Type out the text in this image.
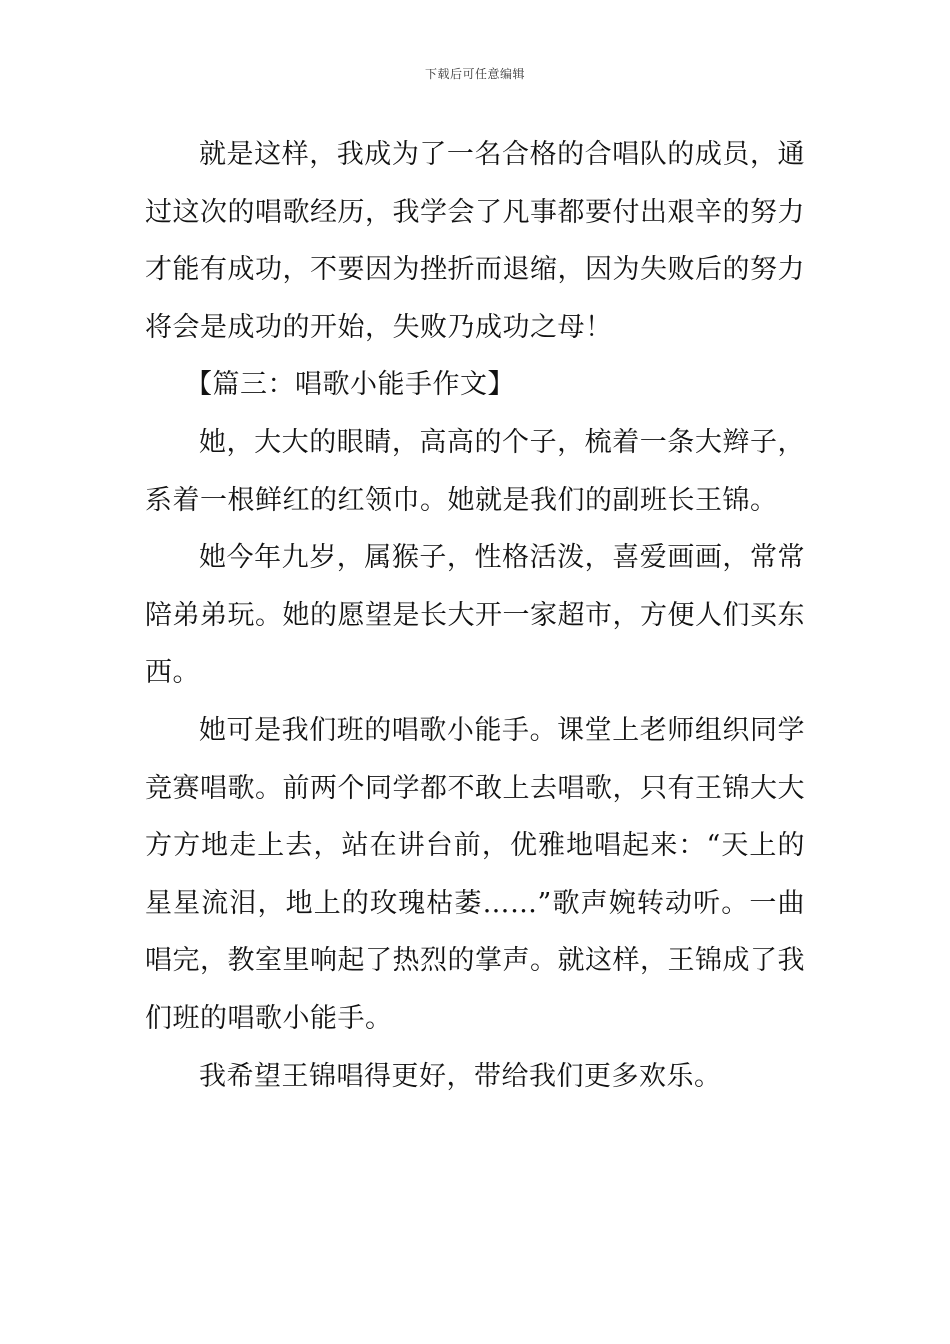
下载后可任意编辑

就是这样，我成为了一名合格的合唱队的成员，通过这次的唱歌经历，我学会了凡事都要付出艰辛的努力才能有成功，不要因为挫折而退缩，因为失败后的努力将会是成功的开始，失败乃成功之母！

【篇三：唱歌小能手作文】

她，大大的眼睛，高高的个子，梳着一条大辫子，系着一根鲜红的红领巾。她就是我们的副班长王锦。

她今年九岁，属猴子，性格活泼，喜爱画画，常常陪弟弟玩。她的愿望是长大开一家超市，方便人们买东西。

她可是我们班的唱歌小能手。课堂上老师组织同学竞赛唱歌。前两个同学都不敢上去唱歌，只有王锦大大方方地走上去，站在讲台前，优雅地唱起来：“天上的星星流泪，地上的玫瑰枯萎……”歌声婉转动听。一曲唱完，教室里响起了热烈的掌声。就这样，王锦成了我们班的唱歌小能手。

我希望王锦唱得更好，带给我们更多欢乐。
